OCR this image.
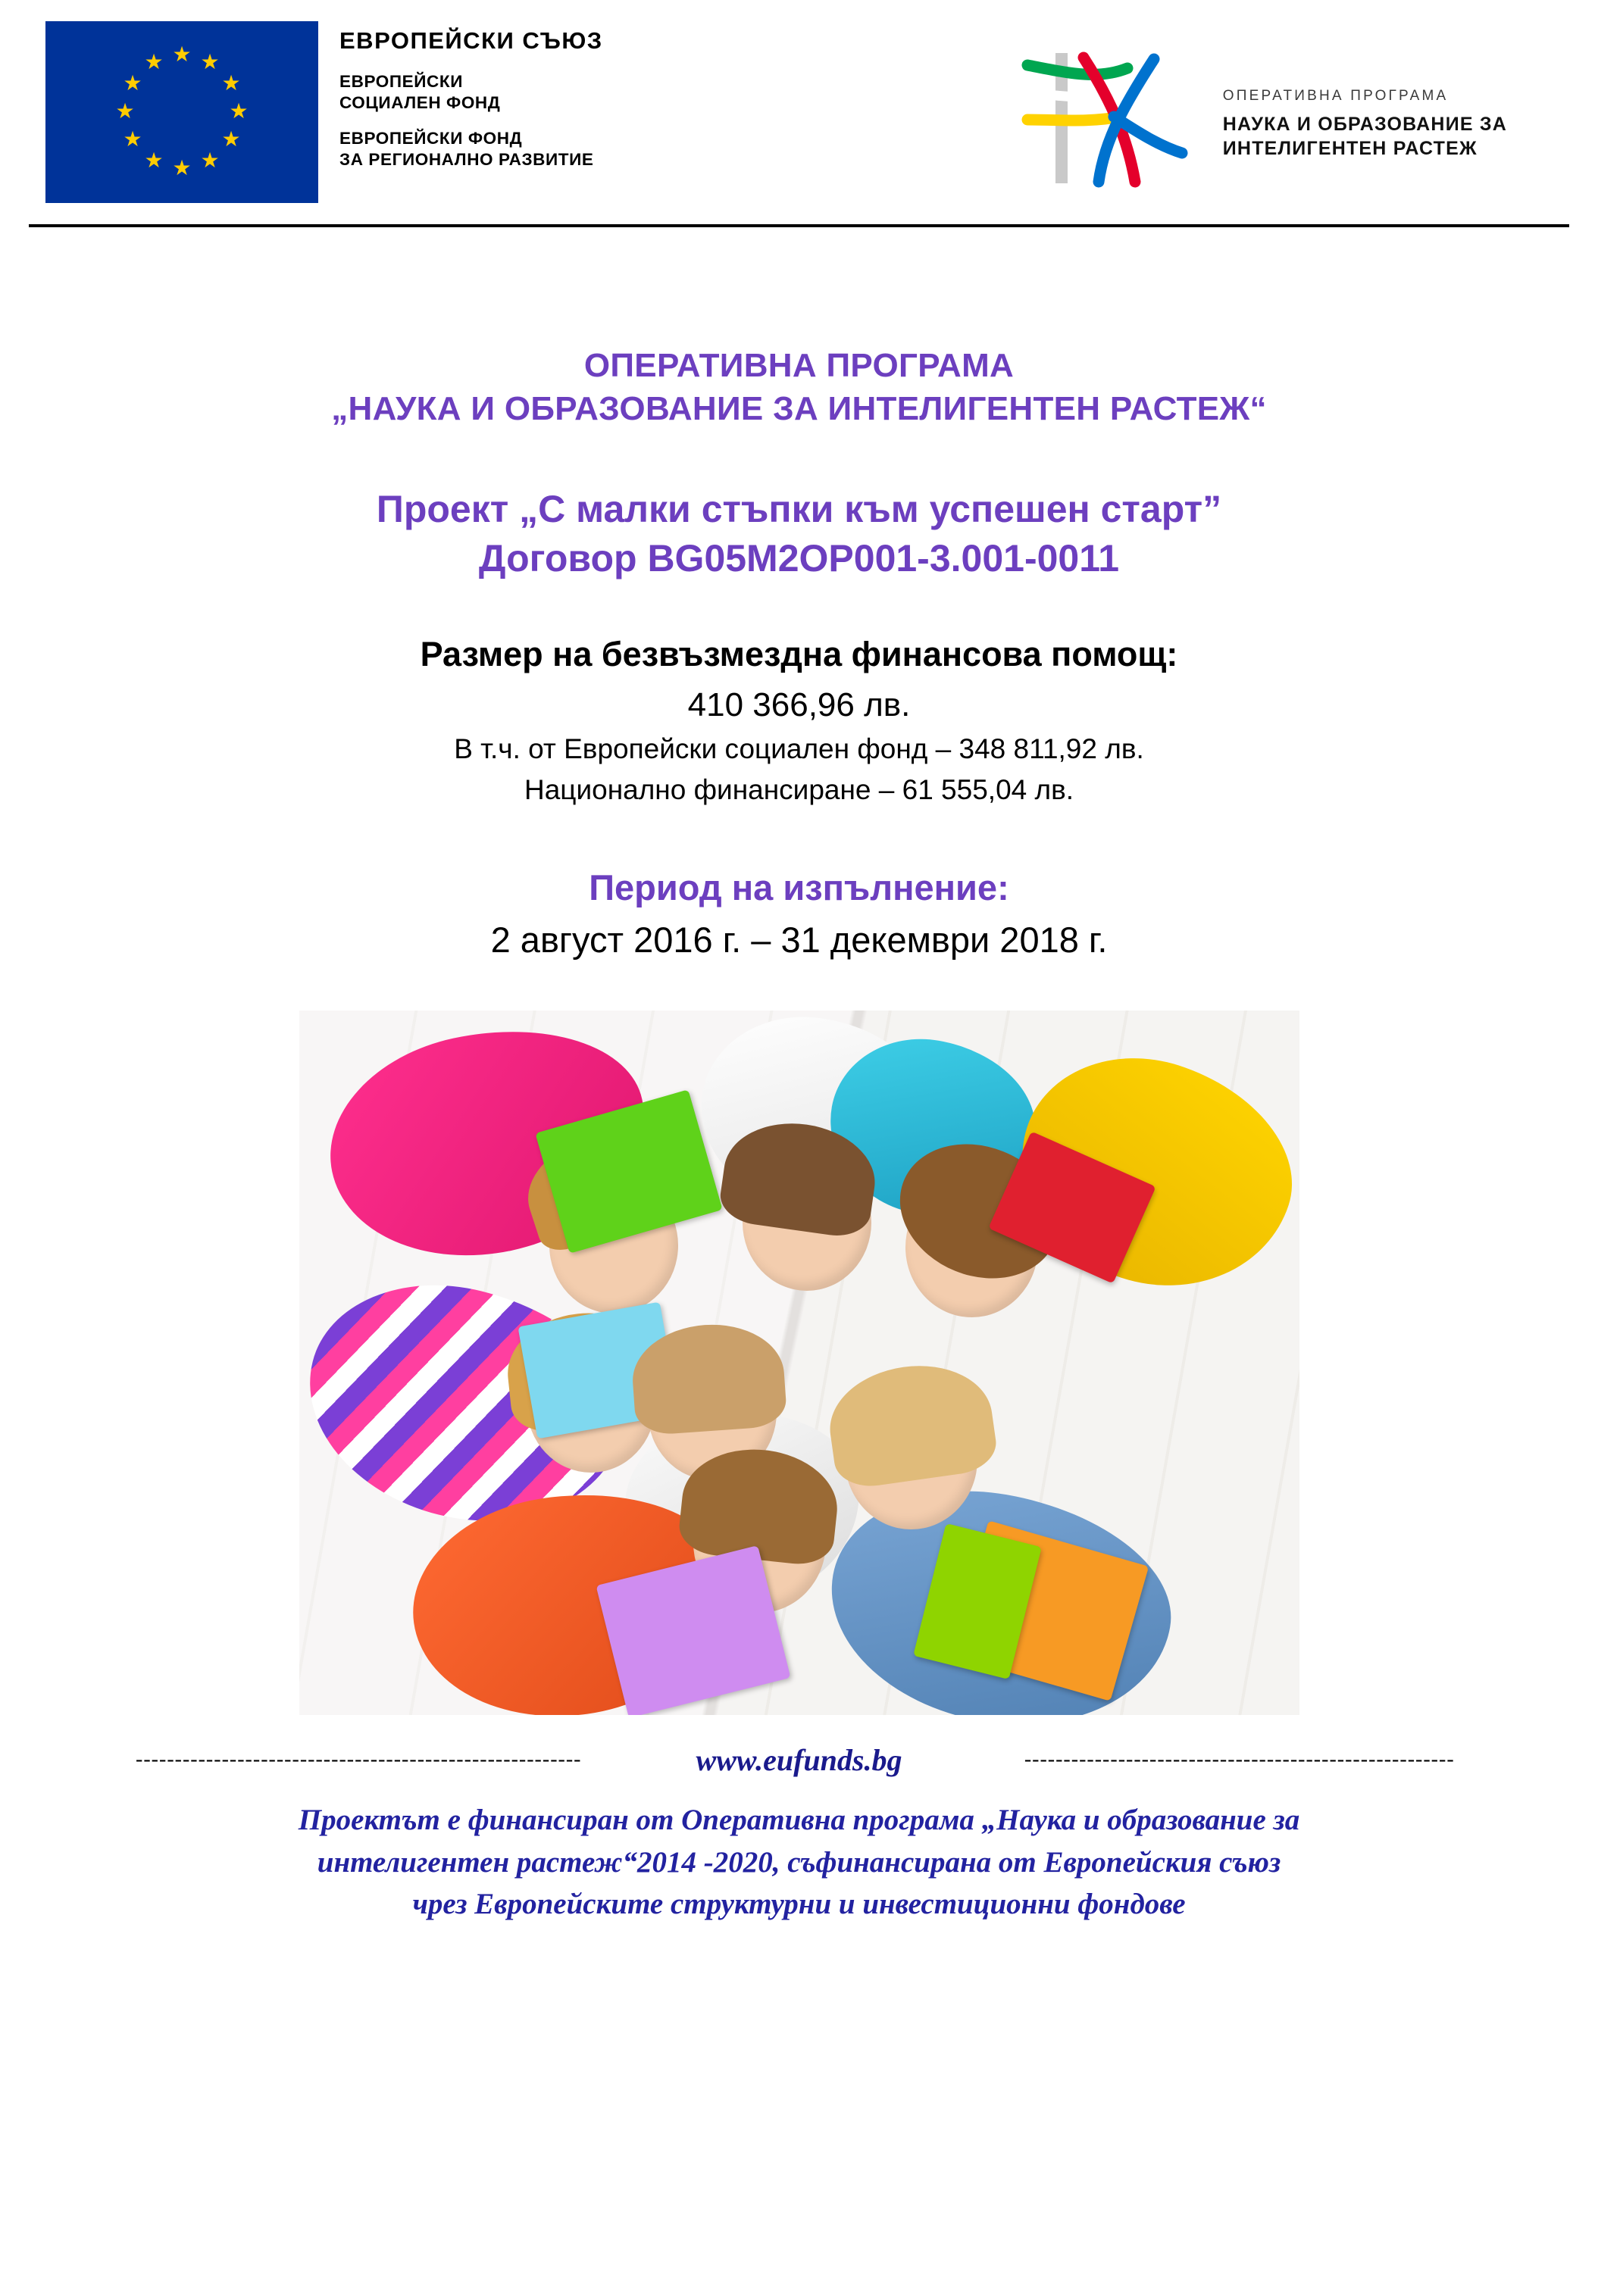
★ ★
★
★
★
★
★
★
★
★
★
★
ЕВРОПЕЙСКИ СЪЮЗ
ЕВРОПЕЙСКИ
СОЦИАЛЕН ФОНД
ЕВРОПЕЙСКИ ФОНД
ЗА РЕГИОНАЛНО РАЗВИТИЕ
ОПЕРАТИВНА ПРОГРАМА
НАУКА И ОБРАЗОВАНИЕ ЗА
ИНТЕЛИГЕНТЕН РАСТЕЖ
ОПЕРАТИВНА ПРОГРАМА
„НАУКА И ОБРАЗОВАНИЕ ЗА ИНТЕЛИГЕНТЕН РАСТЕЖ“
Проект „С малки стъпки към успешен старт”
Договор BG05M2OP001-3.001-0011
Размер на безвъзмездна финансова помощ:
410 366,96 лв.
В т.ч. от Европейски социален фонд – 348 811,92 лв.
Национално финансиране – 61 555,04 лв.
Период на изпълнение:
2 август 2016 г. – 31 декември 2018 г.
---------------------------------------------------------	www.eufunds.bg	-------------------------------------------------------
Проектът е финансиран от Оперативна програма „Наука и образование за
интелигентен растеж“2014 -2020, съфинансирана от Европейския съюз
чрез Европейските структурни и инвестиционни фондове
